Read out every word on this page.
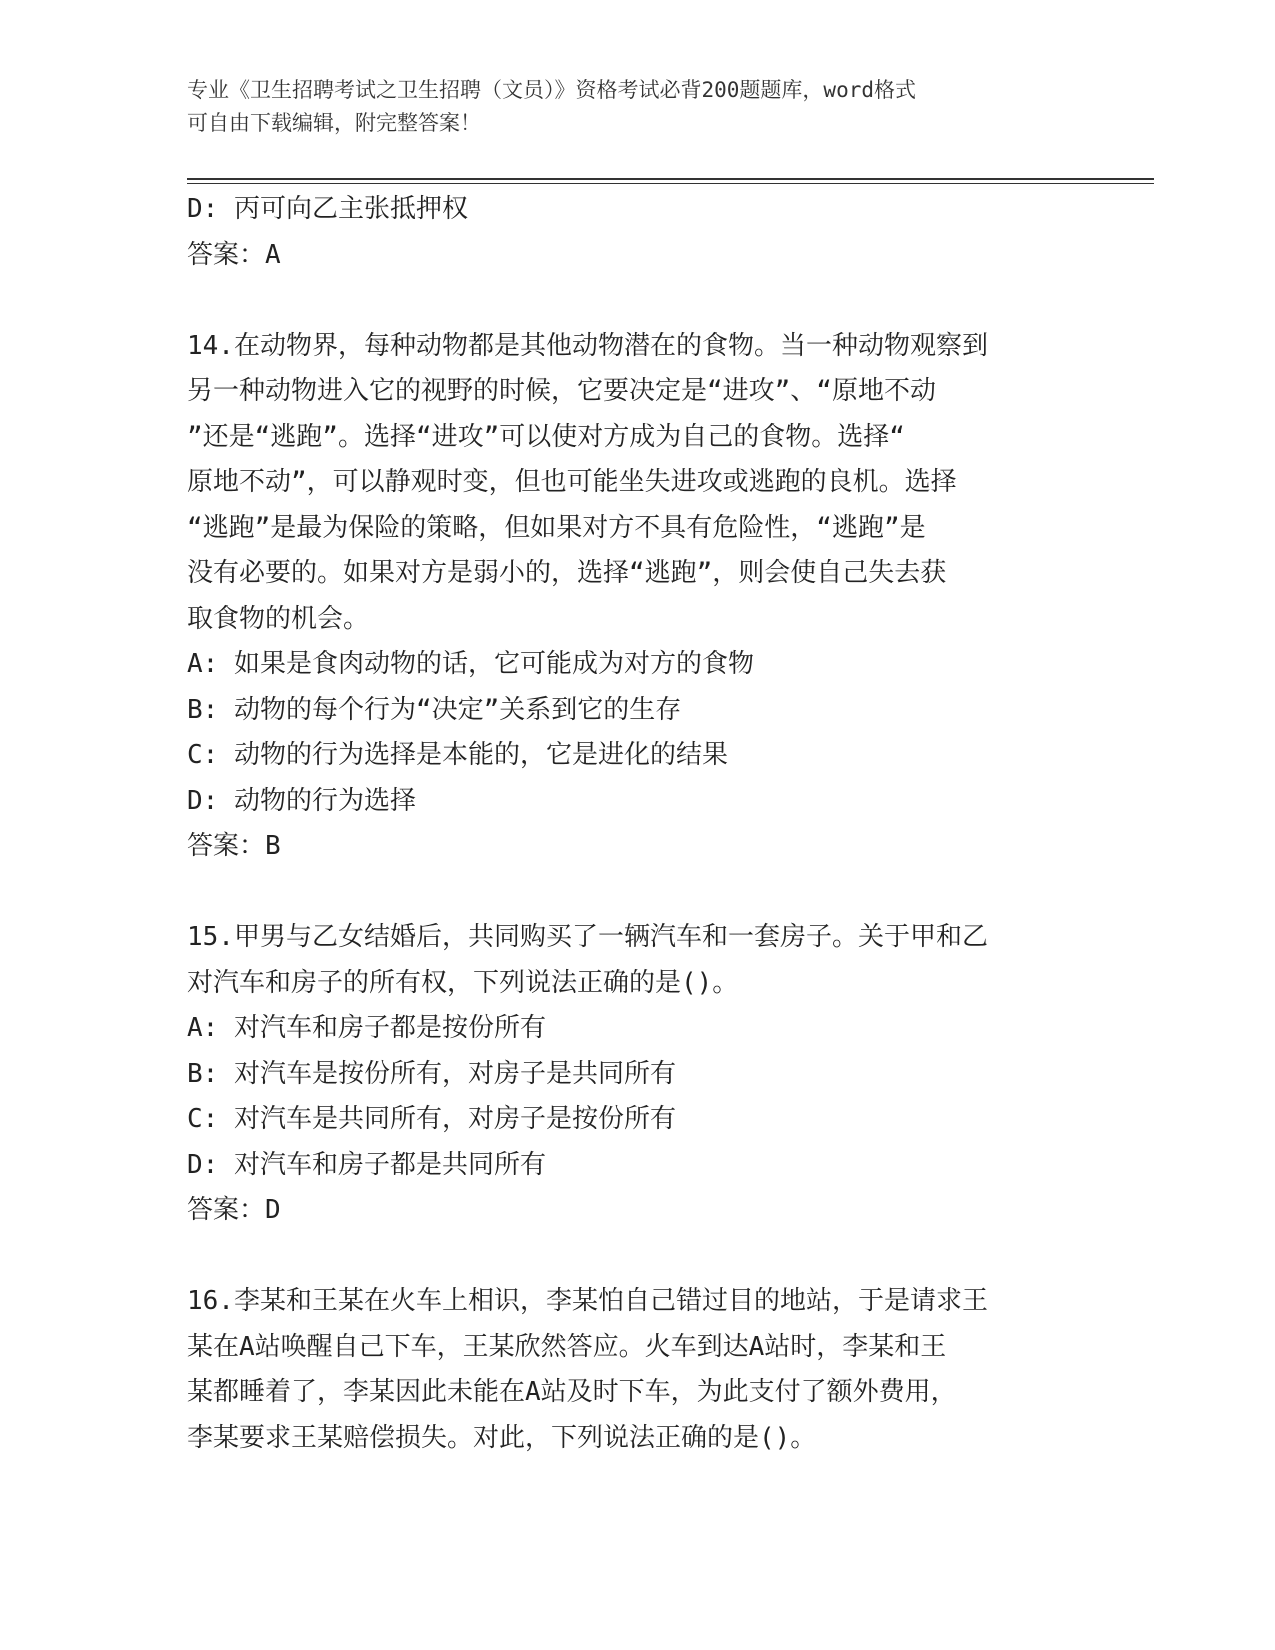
专业《卫生招聘考试之卫生招聘（文员）》资格考试必背200题题库，word格式
可自由下载编辑，附完整答案！

D: 丙可向乙主张抵押权

答案：A

14.在动物界，每种动物都是其他动物潜在的食物。当一种动物观察到

另一种动物进入它的视野的时候，它要决定是“进攻”、“原地不动

”还是“逃跑”。选择“进攻”可以使对方成为自己的食物。选择“

原地不动”，可以静观时变，但也可能坐失进攻或逃跑的良机。选择

“逃跑”是最为保险的策略，但如果对方不具有危险性，“逃跑”是

没有必要的。如果对方是弱小的，选择“逃跑”，则会使自己失去获

取食物的机会。

A: 如果是食肉动物的话，它可能成为对方的食物

B: 动物的每个行为“决定”关系到它的生存

C: 动物的行为选择是本能的，它是进化的结果

D: 动物的行为选择

答案：B

15.甲男与乙女结婚后，共同购买了一辆汽车和一套房子。关于甲和乙

对汽车和房子的所有权，下列说法正确的是()。

A: 对汽车和房子都是按份所有

B: 对汽车是按份所有，对房子是共同所有

C: 对汽车是共同所有，对房子是按份所有

D: 对汽车和房子都是共同所有

答案：D

16.李某和王某在火车上相识，李某怕自己错过目的地站，于是请求王

某在A站唤醒自己下车，王某欣然答应。火车到达A站时，李某和王

某都睡着了，李某因此未能在A站及时下车，为此支付了额外费用，

李某要求王某赔偿损失。对此，下列说法正确的是()。
